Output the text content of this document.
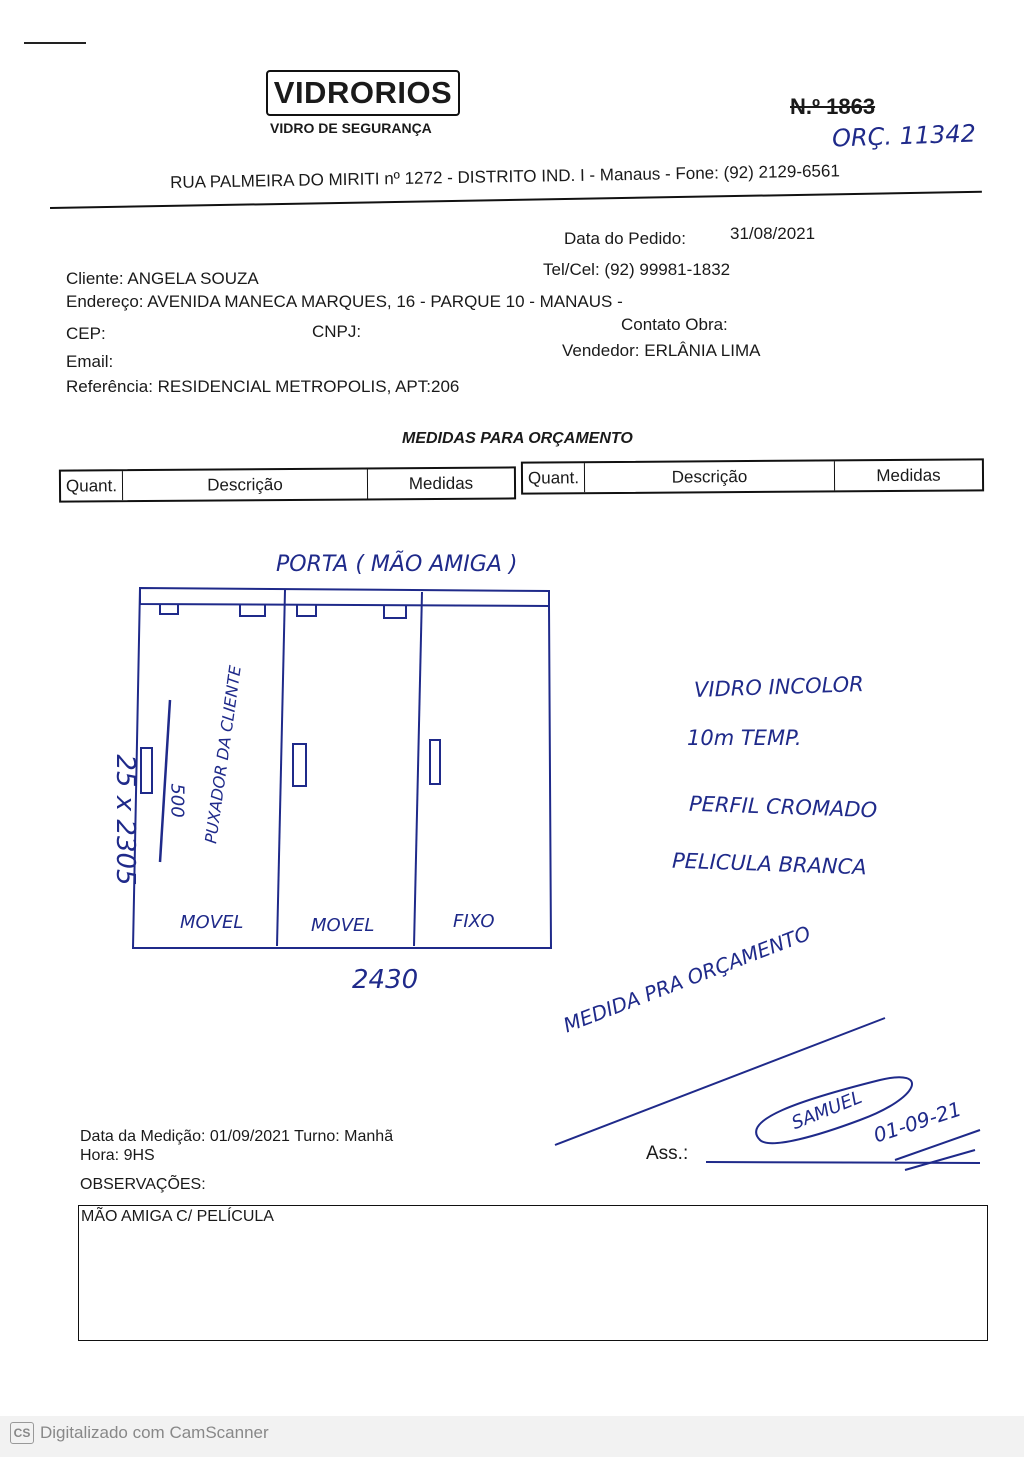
VIDRORIOS
VIDRO DE SEGURANÇA
N.º 1863
ORÇ. 11342
RUA PALMEIRA DO MIRITI nº 1272 - DISTRITO IND. I - Manaus - Fone: (92) 2129-6561
Data do Pedido:	31/08/2021
Cliente: ANGELA SOUZA	Tel/Cel: (92) 99981-1832
Endereço: AVENIDA MANECA MARQUES, 16 - PARQUE 10 - MANAUS -
CEP:	CNPJ:	Contato Obra:
Email:
Vendedor: ERLÂNIA LIMA
Referência: RESIDENCIAL METROPOLIS, APT:206
MEDIDAS PARA ORÇAMENTO
Quant.	Descrição	Medidas	Quant.	Descrição	Medidas
PORTA ( MÃO AMIGA )
25 x 2305	PUXADOR DA CLIENTE
500
MOVEL	MOVEL	FIXO
2430
VIDRO INCOLOR
10m TEMP.
PERFIL CROMADO
PELICULA BRANCA
MEDIDA PRA ORÇAMENTO
SAMUEL 01-09-21
Data da Medição: 01/09/2021 Turno: Manhã
Hora: 9HS	Ass.:
OBSERVAÇÕES:
MÃO AMIGA C/ PELÍCULA
CS Digitalizado com CamScanner
